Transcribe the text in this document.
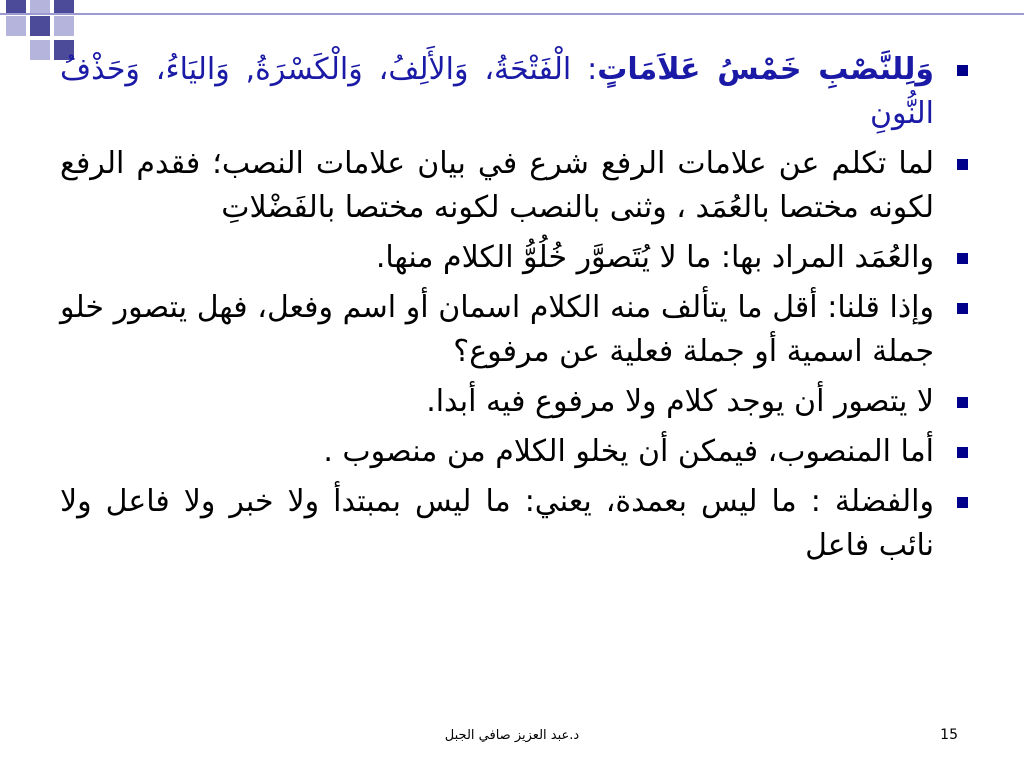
وَلِلنَّصْبِ خَمْسُ عَلاَمَاتٍ: الْفَتْحَةُ، وَالأَلِفُ، وَالْكَسْرَةُ, وَاليَاءُ، وَحَذْفُ النُّونِ
لما تكلم عن علامات الرفع شرع في بيان علامات النصب؛ فقدم الرفع لكونه مختصا بالعُمَد ، وثنى بالنصب لكونه مختصا بالفَضْلاتِ
والعُمَد المراد بها: ما لا يُتَصوَّر خُلُوُّ الكلام منها.
وإذا قلنا: أقل ما يتألف منه الكلام اسمان أو اسم وفعل، فهل يتصور خلو جملة اسمية أو جملة فعلية عن مرفوع؟
لا يتصور أن يوجد كلام ولا مرفوع فيه أبدا.
أما المنصوب، فيمكن أن يخلو الكلام من منصوب .
والفضلة : ما ليس بعمدة، يعني: ما ليس بمبتدأ ولا خبر ولا فاعل ولا نائب فاعل
د.عبد العزيز صافي الجبل	15
